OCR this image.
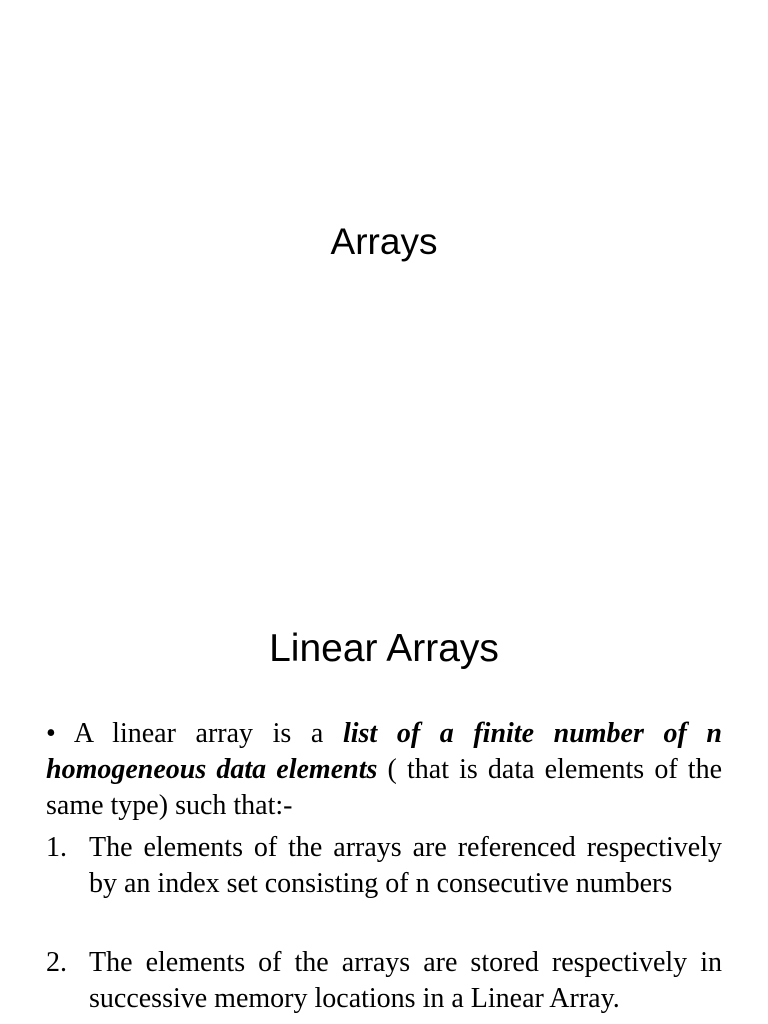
Arrays
Linear Arrays
• A linear array is a list of a finite number of n homogeneous data elements ( that is data elements of the same type) such that:-
1. The elements of the arrays are referenced respectively by an index set consisting of n consecutive numbers
2. The elements of the arrays are stored respectively in successive memory locations in a Linear Array.
